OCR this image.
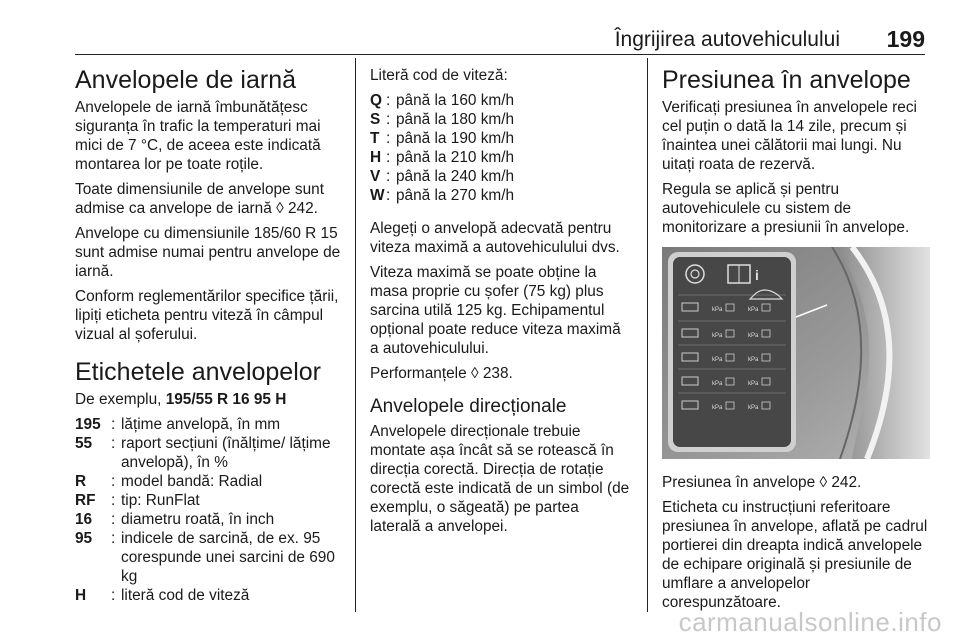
Îngrijirea autovehiculului 199
Anvelopele de iarnă

Anvelopele de iarnă îmbunătățesc siguranța în trafic la temperaturi mai mici de 7 °C, de aceea este indicată montarea lor pe toate roțile.

Toate dimensiunile de anvelope sunt admise ca anvelope de iarnă ◊ 242.

Anvelope cu dimensiunile 185/60 R 15 sunt admise numai pentru anvelope de iarnă.

Conform reglementărilor specifice țării, lipiți eticheta pentru viteză în câmpul vizual al șoferului.

Etichetele anvelopelor

De exemplu, 195/55 R 16 95 H

195 : lățime anvelopă, în mm
55	: raport secțiuni (înălțime/ lățime anvelopă), în %
R	: model bandă: Radial
RF	: tip: RunFlat
16	: diametru roată, în inch
95	: indicele de sarcină, de ex. 95 corespunde unei sarcini de 690 kg
H	: literă cod de viteză

Literă cod de viteză:

Q : până la 160 km/h
S : până la 180 km/h
T : până la 190 km/h
H : până la 210 km/h
V : până la 240 km/h
W : până la 270 km/h

Alegeți o anvelopă adecvată pentru viteza maximă a autovehiculului dvs.

Viteza maximă se poate obține la masa proprie cu șofer (75 kg) plus sarcina utilă 125 kg. Echipamentul opțional poate reduce viteza maximă a autovehiculului.

Performanțele ◊ 238.

Anvelopele direcționale

Anvelopele direcționale trebuie montate așa încât să se rotească în direcția corectă. Direcția de rotație corectă este indicată de un simbol (de exemplu, o săgeată) pe partea laterală a anvelopei.

Presiunea în anvelope

Verificați presiunea în anvelopele reci cel puțin o dată la 14 zile, precum și înaintea unei călătorii mai lungi. Nu uitați roata de rezervă.

Regula se aplică și pentru autovehiculele cu sistem de monitorizare a presiunii în anvelope.

i
kPa	kPa
kPa	kPa
kPa	kPa
kPa	kPa
kPa	kPa

Presiunea în anvelope ◊ 242.

Eticheta cu instrucțiuni referitoare presiunea în anvelope, aflată pe cadrul portierei din dreapta indică anvelopele de echipare originală și presiunile de umflare a anvelopelor corespunzătoare.

carmanualsonline.info
